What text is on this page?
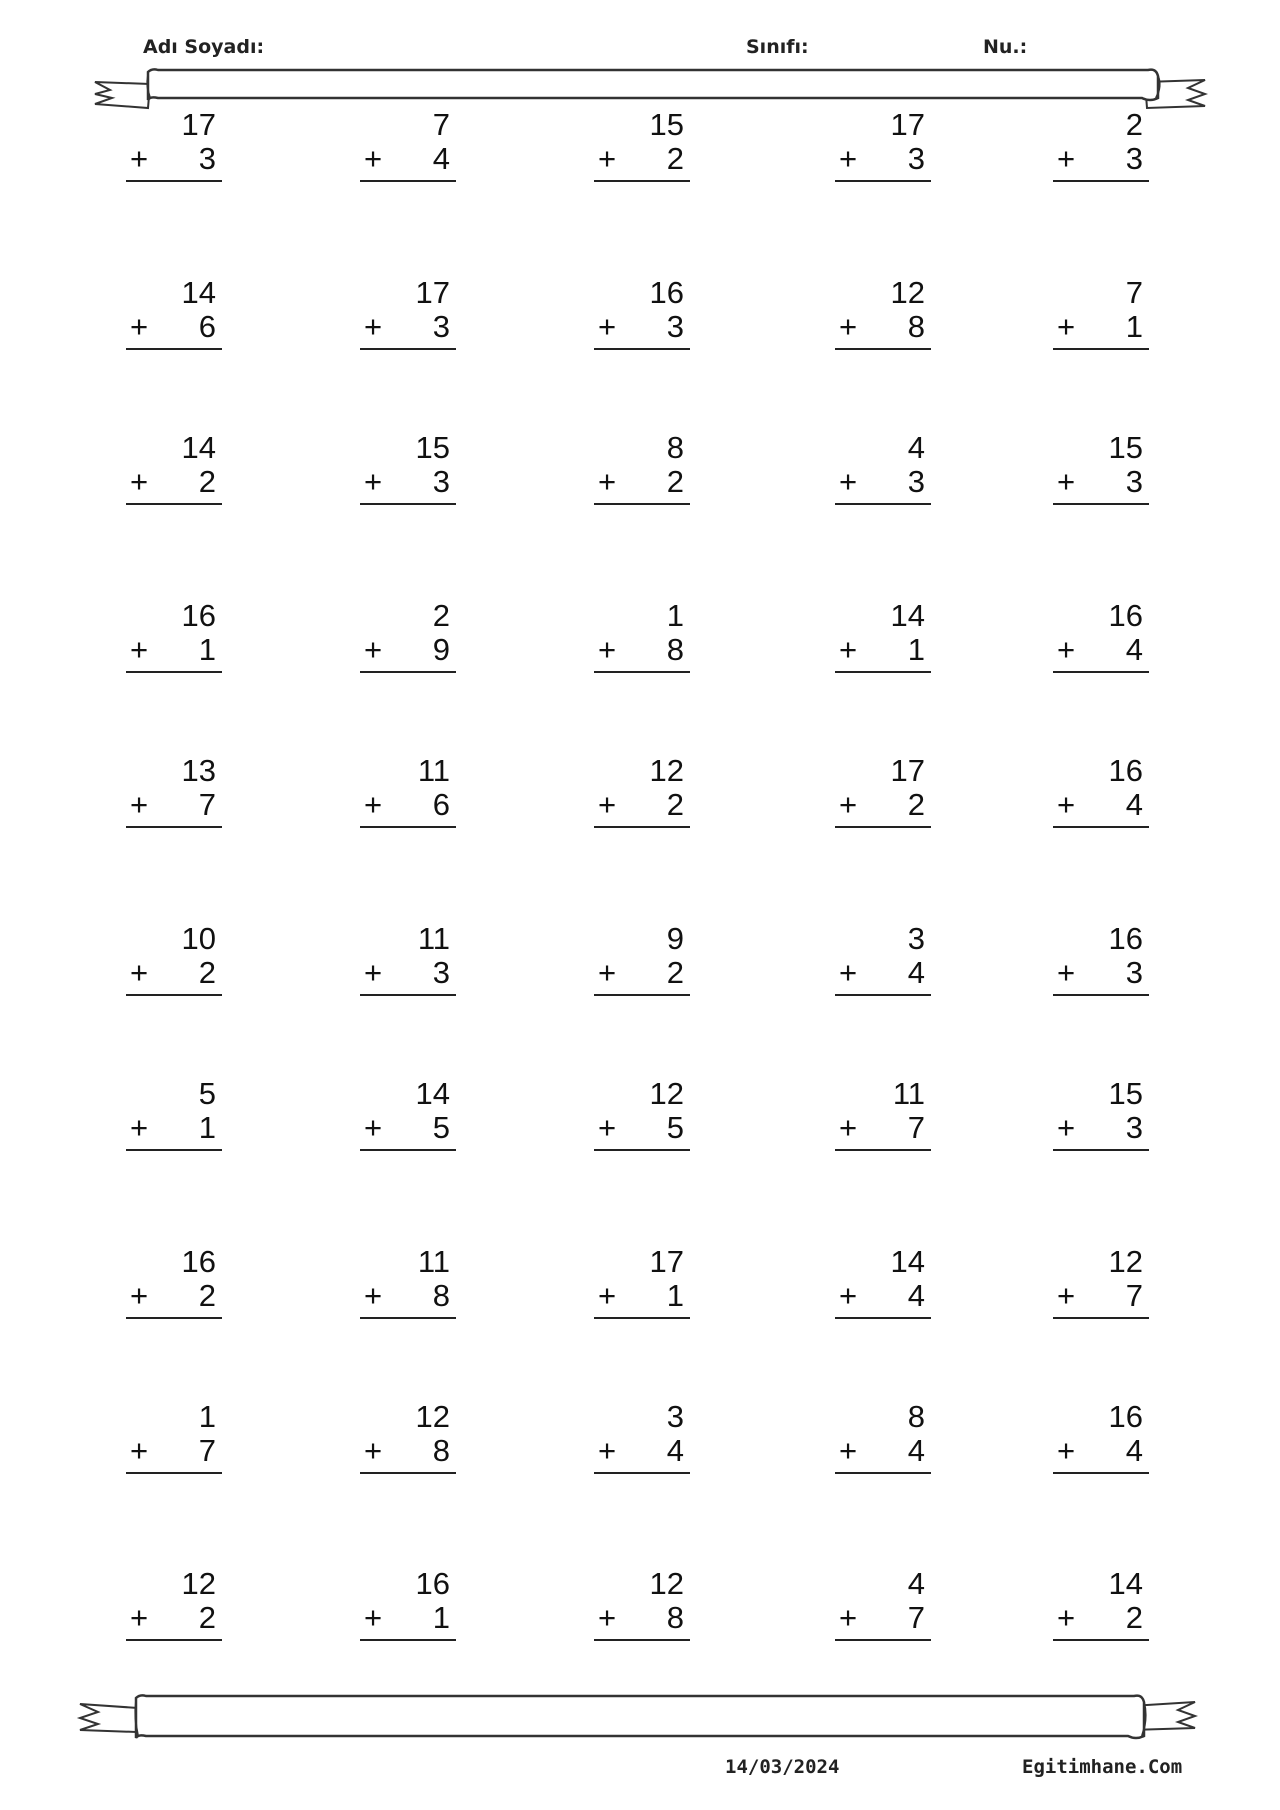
Adı Soyadı:	Sınıfı:	Nu.:
17
+ 3
7
+ 4
15
+ 2
17
+ 3
2
+ 3
14
+ 6
17
+ 3
16
+ 3
12
+ 8
7
+ 1
14
+ 2
15
+ 3
8
+ 2
4
+ 3
15
+ 3
16
+ 1
2
+ 9
1
+ 8
14
+ 1
16
+ 4
13
+ 7
11
+ 6
12
+ 2
17
+ 2
16
+ 4
10
+ 2
11
+ 3
9
+ 2
3
+ 4
16
+ 3
5
+ 1
14
+ 5
12
+ 5
11
+ 7
15
+ 3
16
+ 2
11
+ 8
17
+ 1
14
+ 4
12
+ 7
1
+ 7
12
+ 8
3
+ 4
8
+ 4
16
+ 4
12
+ 2
16
+ 1
12
+ 8
4
+ 7
14
+ 2
14/03/2024	Egitimhane.Com
